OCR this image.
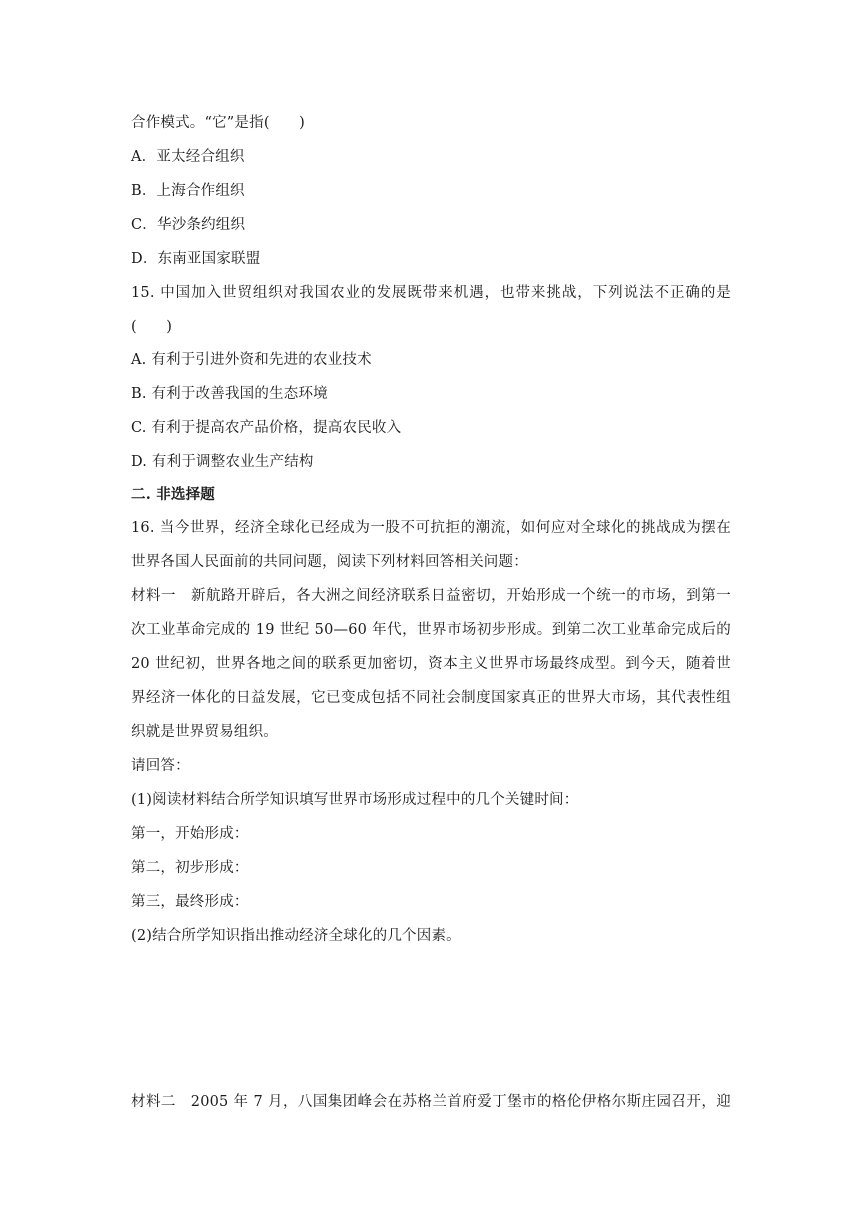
合作模式。“它”是指(　　)
A．亚太经合组织
B．上海合作组织
C．华沙条约组织
D．东南亚国家联盟
15. 中国加入世贸组织对我国农业的发展既带来机遇，也带来挑战，下列说法不正确的是
(　　)
A. 有利于引进外资和先进的农业技术
B. 有利于改善我国的生态环境
C. 有利于提高农产品价格，提高农民收入
D. 有利于调整农业生产结构
二. 非选择题
16. 当今世界，经济全球化已经成为一股不可抗拒的潮流，如何应对全球化的挑战成为摆在
世界各国人民面前的共同问题，阅读下列材料回答相关问题：
材料一　新航路开辟后，各大洲之间经济联系日益密切，开始形成一个统一的市场，到第一
次工业革命完成的 19 世纪 50—60 年代，世界市场初步形成。到第二次工业革命完成后的
20 世纪初，世界各地之间的联系更加密切，资本主义世界市场最终成型。到今天，随着世
界经济一体化的日益发展，它已变成包括不同社会制度国家真正的世界大市场，其代表性组
织就是世界贸易组织。
请回答：
(1)阅读材料结合所学知识填写世界市场形成过程中的几个关键时间：
第一，开始形成：
第二，初步形成：
第三，最终形成：
(2)结合所学知识指出推动经济全球化的几个因素。
材料二　2005 年 7 月，八国集团峰会在苏格兰首府爱丁堡市的格伦伊格尔斯庄园召开，迎
